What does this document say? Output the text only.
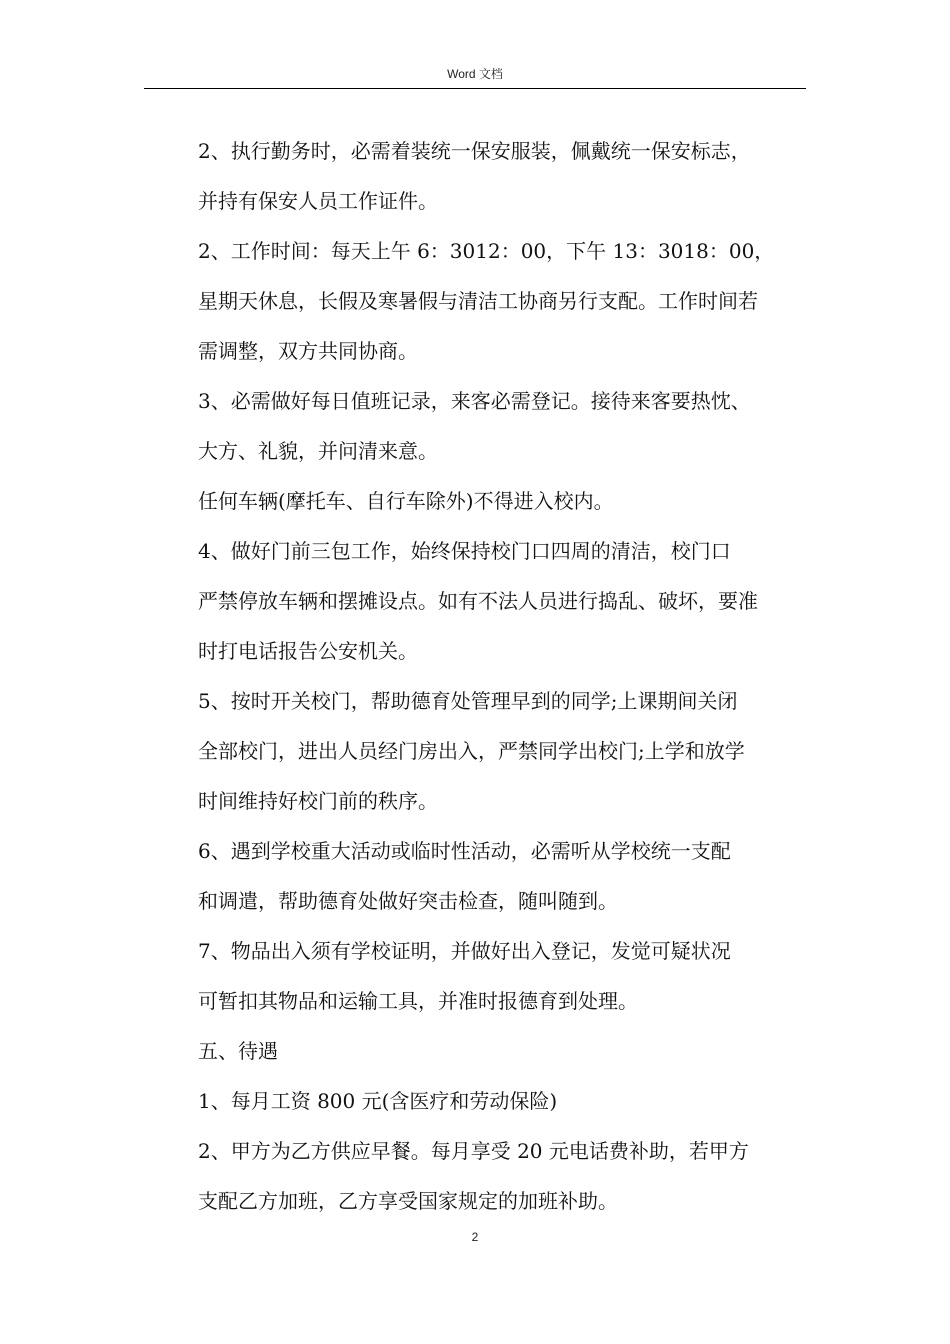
Word 文档

2、执行勤务时，必需着装统一保安服装，佩戴统一保安标志，
并持有保安人员工作证件。

2、工作时间：每天上午 6：3012：00，下午 13：3018：00，
星期天休息，长假及寒暑假与清洁工协商另行支配。工作时间若
需调整，双方共同协商。

3、必需做好每日值班记录，来客必需登记。接待来客要热忱、
大方、礼貌，并问清来意。

任何车辆(摩托车、自行车除外)不得进入校内。

4、做好门前三包工作，始终保持校门口四周的清洁，校门口
严禁停放车辆和摆摊设点。如有不法人员进行捣乱、破坏，要准
时打电话报告公安机关。

5、按时开关校门，帮助德育处管理早到的同学;上课期间关闭
全部校门，进出人员经门房出入，严禁同学出校门;上学和放学
时间维持好校门前的秩序。

6、遇到学校重大活动或临时性活动，必需听从学校统一支配
和调遣，帮助德育处做好突击检查，随叫随到。

7、物品出入须有学校证明，并做好出入登记，发觉可疑状况
可暂扣其物品和运输工具，并准时报德育到处理。

五、待遇

1、每月工资 800 元(含医疗和劳动保险)

2、甲方为乙方供应早餐。每月享受 20 元电话费补助，若甲方
支配乙方加班，乙方享受国家规定的加班补助。

2
